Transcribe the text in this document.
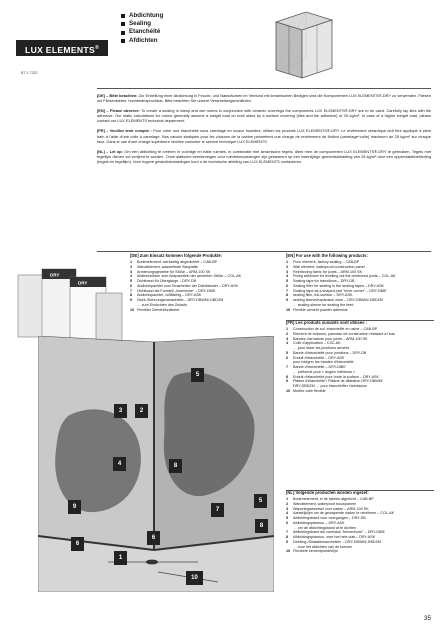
LUX ELEMENTS®
Abdichtung
Sealing
Etanchéité
Afdichten
BT 1.7322

[DE] – Bitte beachten: Zur Erstellung einer Abdichtung in Feucht- und Nassräumen im Verbund mit keramischen Belägen sind die Komponenten LUX ELEMENTS®-DRY zu verwenden. Fliesen mit Fliesenkleber, hochbeanspruchbar. Bitte beachten Sie unsere Verarbeitungsrichtlinien.

[EN] – Please observe: To create a sealing in damp and wet rooms in conjunction with ceramic coverings the components LUX ELEMENTS®-DRY are to be used. Carefully lay tiles with tile adhesive. Our static calculations for rooms generally assume a weight load on both sides by a surface covering (tiles and tile adhesive) of 25 kg/m². In case of a higher weight load, please contact our LUX ELEMENTS technical department.

[FR] – Veuillez tenir compte : Pour créer une étanchéité sous carrelage en locaux humides, utiliser les produits LUX ELEMENTS®-DRY. Le revêtement céramique doit être appliqué à plein bain à l'aide d'une colle à carrelage. Nos calculs statiques pour les cloisons de la cabine permettent une charge de revêtement de finition (carrelage+colle) maximum de 25 kg/m² sur chaque face. Dans le cas d'une charge supérieure veuillez consulter le service technique LUX ELEMENTS.

[NL] – Let op: Om een afdichting te creëren in vochtige en natte ruimtes, in combinatie met keramische tegels, dient men de componenten LUX ELEMENTS®-DRY te gebruiken. Tegels met tegellijm dienen vol verlijmd te worden. Onze statische berekeningen voor ruimtetoepassingen zijn gebaseerd op een tweezijdige gewichtsbelasting van 25 kg/m² door een oppervlaktebekleding (tegels en tegellijm). Voor hogere gewichtsbelastingen kunt u de technische afdeling van LUX ELEMENTS contacteren.

DRY
DRY
[DE] Zum Einsatz kommen folgende Produkte:
1	Bodenelement, werkseitig abgedichtet – CAB-BP
2	Wandelement, wasserfeste Bauplatte
3	Armierungsgewebe für Stöße – ARM-100 SK
4	Abstrichkleber zum Abspachteln der armierten Stöße – COL-AK
5	Dichtband für Übergänge – DRY-DB
6	Abdichtspachtel zum Einarbeiten der Dichtbänder – DRY-ASK
7	Dichtband als Formteil „Innenecke“ – DRY-DBIE
8	Abdichtspachtel, vollflächig – DRY-ASK
9	Dicht-/Dehnungsmanschette – DRY-DBWM/-DBDZM
… zum Eindichten des Zulaufs
10 Flexibler Zementfunkleber
[EN] For use with the following products:
1	Floor element, factory sealing – CAB-BP
2	Wall element, waterproof construction panel
3	Reinforcing fabric for joints – ARM-100 SK
4	Fixing adhesive for levelling out the reinforced joints – COL-AK
5	Sealing tape for transitions – DRY-DB
6	Sealing filler for sealing in the sealing tapes – DRY-ASK
7	Sealing tape as a shaped part "inner corner" – DRY-DBIE
8	sealing filler, full-surface – DRY-ASK
9	sealing sleeve/expansion zone – DRY-DBWM/-DBDZM
… sealing sleeve for sealing the feed
10 Flexible cement powder adhesive
[FR] Les produits suivants sont utilisés :
1	Construction de sol, étanchéifié en usine – CAB-BP
2	Elément de cloisons, panneau de construction résistant à l'eau
3	Bandes d'armature pour joints – ARM-100 SK
4	Colle d'application – COL-AK
… pour lisser les jonctions armées
5	Bande d'étanchéité pour jonctions – DRY-DB
6	Enduit d'étanchéité – DRY-ASK
pour intégrer les bandes d'étanchéité
7	Bande d'étanchéité – DRY-DBIE
… préformé pour « angles intérieurs »
8	Enduit d'étanchéité pour toute la surface – DRY-ASK
9	Platine d'étanchéité / Platine de dilatation DRY-DBWM/
DRY-DBDZM … pour étanchéifier l'admission
10 Mortier colle flexible
[NL] Volgende producten worden ingezet:
1	Bodemelement, in de fabriek afgedicht – CAB-BP
2	Wandelement, waterproof bouwpaneel
3	Wapeningsweefsel voor naden – ARM-100 SK
4	Aanstrijklijm om de gewapende naden te nivelleren – COL-AK
5	Afdichtingsband voor overgangen – DRY-DB
6	Afdichtingsplamuur – DRY-ASK
… om de afdichtingsband af te dichten
7	Afdichtingsband als vormstuk "binnenhoek" – DRY-DBIE
8	Afdichtingsplamuur, over het hele vlak – DRY-ASK
9	Dichting-/Dilatatiemanchetten – DRY-DBWM/-DBDZM
… voor het afdichten van de toevoer
10 Flexibele cementpoederlijm
1
2
3
4
5
5
6
6
7
8
8
9
10
35
